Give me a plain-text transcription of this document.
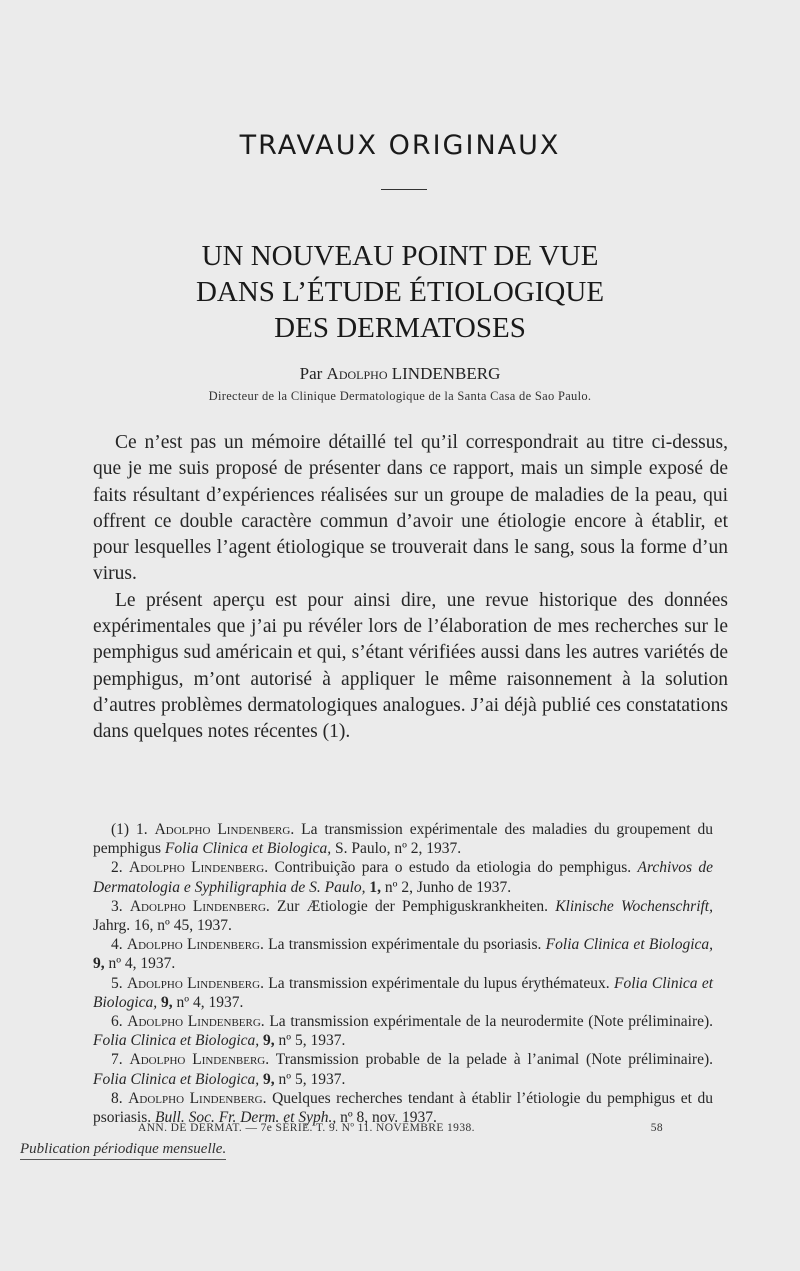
TRAVAUX ORIGINAUX
UN NOUVEAU POINT DE VUE
DANS L’ÉTUDE ÉTIOLOGIQUE
DES DERMATOSES
Par Adolpho LINDENBERG
Directeur de la Clinique Dermatologique de la Santa Casa de Sao Paulo.

Ce n’est pas un mémoire détaillé tel qu’il correspondrait au titre ci-dessus, que je me suis proposé de présenter dans ce rapport, mais un simple exposé de faits résultant d’expériences réalisées sur un groupe de maladies de la peau, qui offrent ce double caractère commun d’avoir une étiologie encore à établir, et pour lesquelles l’agent étiologique se trouverait dans le sang, sous la forme d’un virus.

Le présent aperçu est pour ainsi dire, une revue historique des données expérimentales que j’ai pu révéler lors de l’élaboration de mes recherches sur le pemphigus sud américain et qui, s’étant vérifiées aussi dans les autres variétés de pemphigus, m’ont autorisé à appliquer le même raisonnement à la solution d’autres problèmes dermatologiques analogues. J’ai déjà publié ces constatations dans quelques notes récentes (1).

(1) 1. Adolpho Lindenberg. La transmission expérimentale des maladies du groupement du pemphigus Folia Clinica et Biologica, S. Paulo, nº 2, 1937.

2. Adolpho Lindenberg. Contribuição para o estudo da etiologia do pemphigus. Archivos de Dermatologia e Syphiligraphia de S. Paulo, 1, nº 2, Junho de 1937.

3. Adolpho Lindenberg. Zur Ætiologie der Pemphiguskrankheiten. Klinische Wochenschrift, Jahrg. 16, nº 45, 1937.

4. Adolpho Lindenberg. La transmission expérimentale du psoriasis. Folia Clinica et Biologica, 9, nº 4, 1937.

5. Adolpho Lindenberg. La transmission expérimentale du lupus érythémateux. Folia Clinica et Biologica, 9, nº 4, 1937.

6. Adolpho Lindenberg. La transmission expérimentale de la neurodermite (Note préliminaire). Folia Clinica et Biologica, 9, nº 5, 1937.

7. Adolpho Lindenberg. Transmission probable de la pelade à l’animal (Note préliminaire). Folia Clinica et Biologica, 9, nº 5, 1937.

8. Adolpho Lindenberg. Quelques recherches tendant à établir l’étiologie du pemphigus et du psoriasis. Bull. Soc. Fr. Derm. et Syph., nº 8, nov. 1937.

ANN. DE DERMAT. — 7e SÉRIE. T. 9. Nº 11. NOVEMBRE 1938.	58
Publication périodique mensuelle.
